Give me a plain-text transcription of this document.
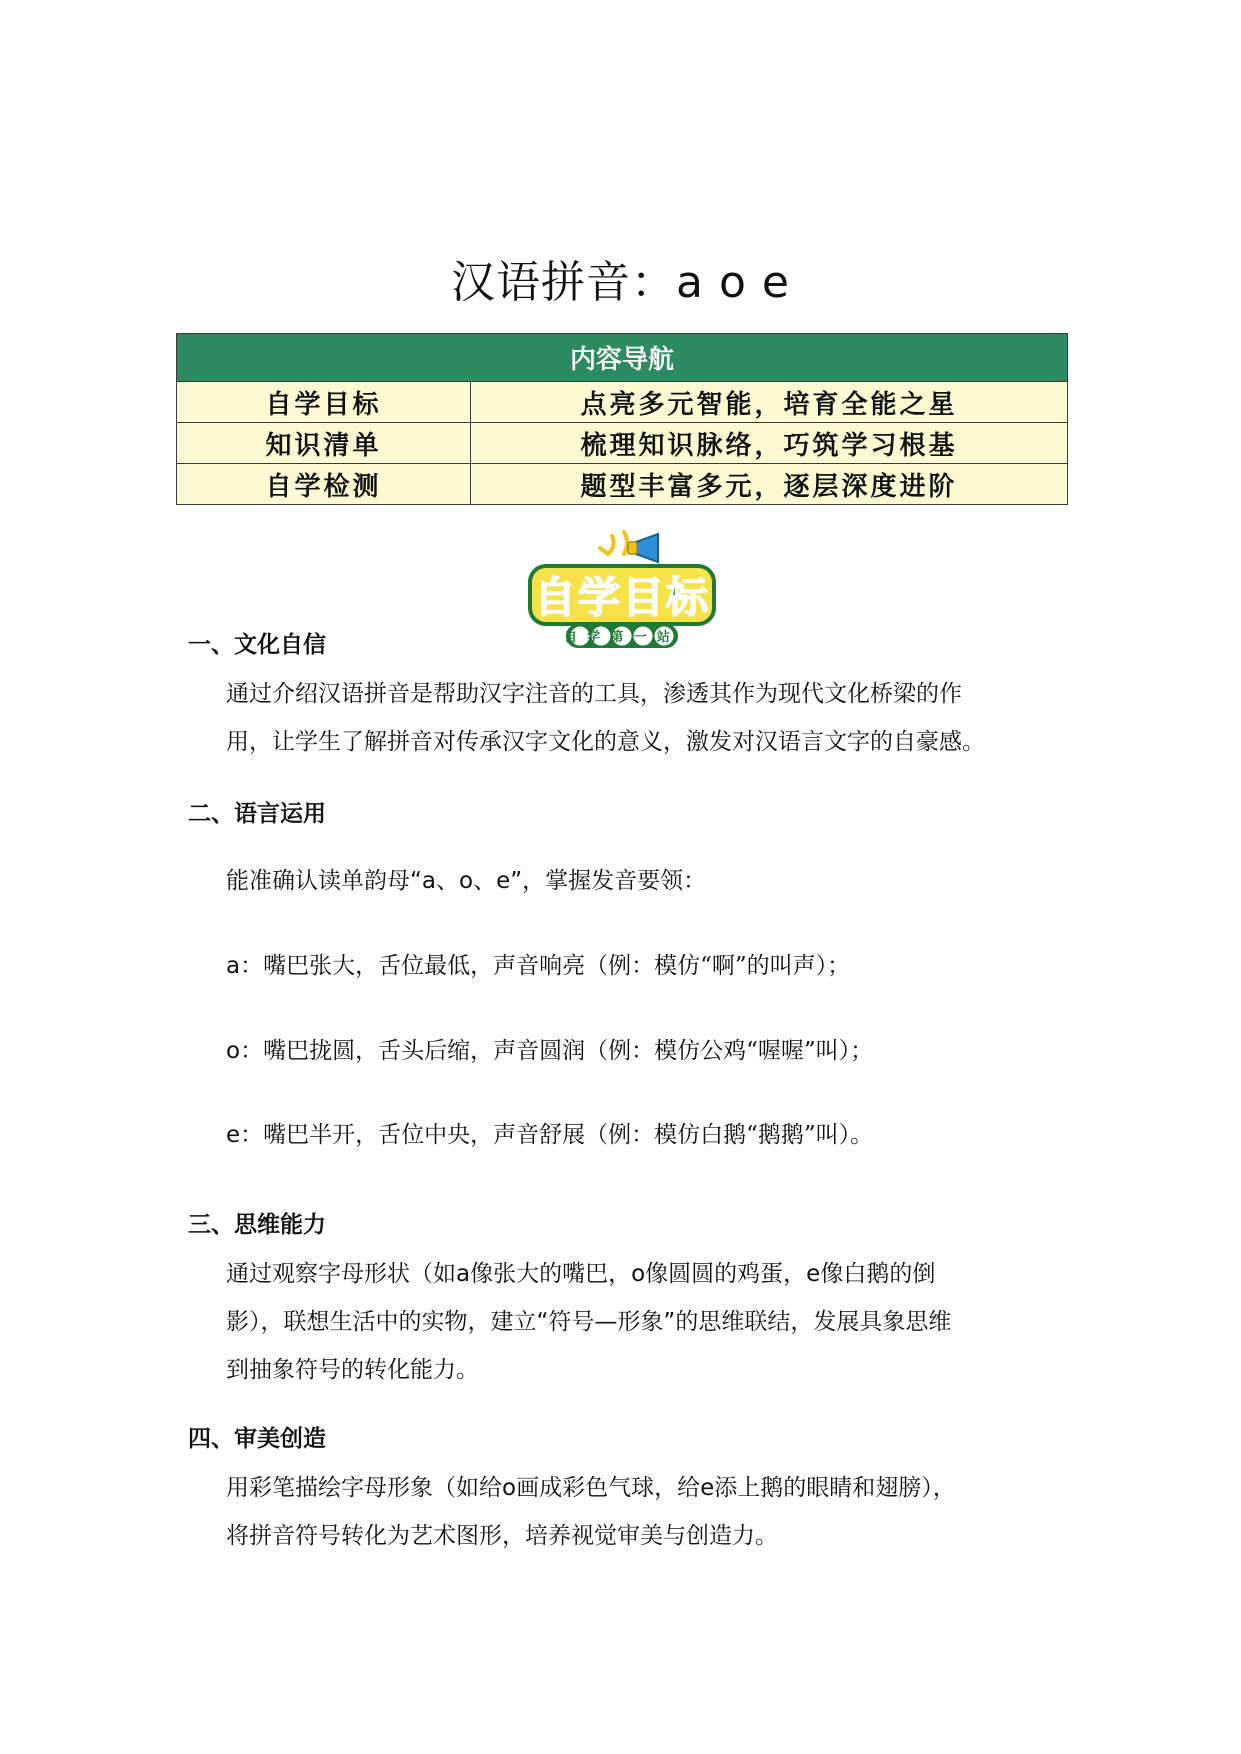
汉语拼音：a o e
内容导航	
自学目标	点亮多元智能，培育全能之星
知识清单	梳理知识脉络，巧筑学习根基
自学检测	题型丰富多元，逐层深度进阶
自学目标
自学第一站
一、文化自信
通过介绍汉语拼音是帮助汉字注音的工具，渗透其作为现代文化桥梁的作
用，让学生了解拼音对传承汉字文化的意义，激发对汉语言文字的自豪感。
二、语言运用
能准确认读单韵母“a、o、e”，掌握发音要领：
a：嘴巴张大，舌位最低，声音响亮（例：模仿“啊”的叫声）；
o：嘴巴拢圆，舌头后缩，声音圆润（例：模仿公鸡“喔喔”叫）；
e：嘴巴半开，舌位中央，声音舒展（例：模仿白鹅“鹅鹅”叫）。
三、思维能力
通过观察字母形状（如a像张大的嘴巴，o像圆圆的鸡蛋，e像白鹅的倒
影），联想生活中的实物，建立“符号—形象”的思维联结，发展具象思维
到抽象符号的转化能力。
四、审美创造
用彩笔描绘字母形象（如给o画成彩色气球，给e添上鹅的眼睛和翅膀），
将拼音符号转化为艺术图形，培养视觉审美与创造力。
